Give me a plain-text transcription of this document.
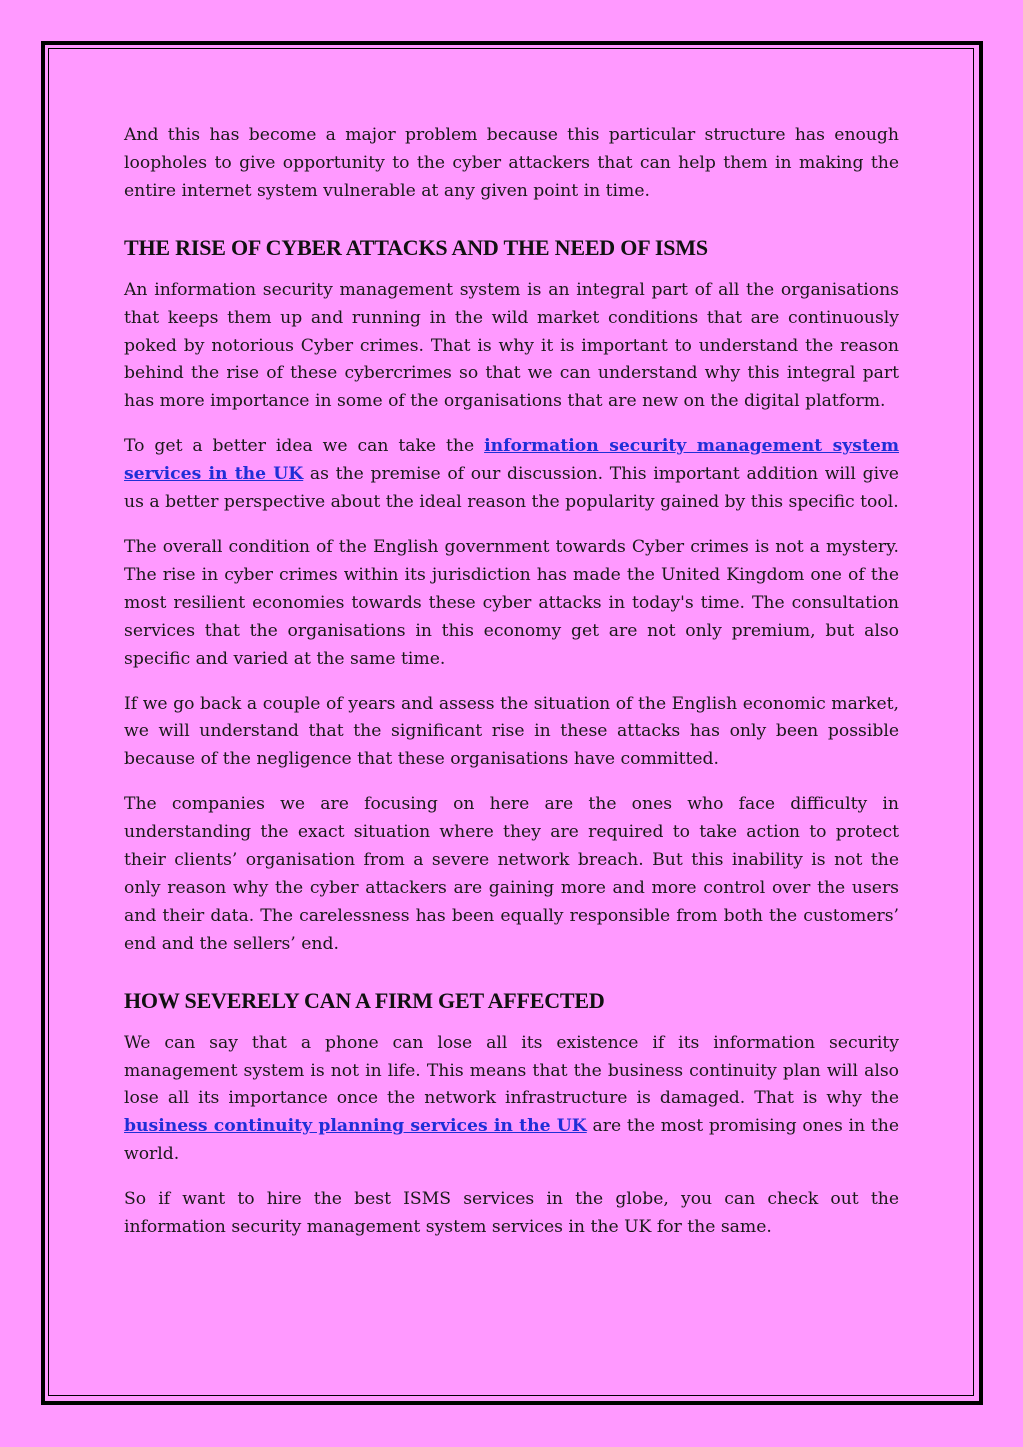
And this has become a major problem because this particular structure has enough loopholes to give opportunity to the cyber attackers that can help them in making the entire internet system vulnerable at any given point in time.

THE RISE OF CYBER ATTACKS AND THE NEED OF ISMS

An information security management system is an integral part of all the organisations that keeps them up and running in the wild market conditions that are continuously poked by notorious Cyber crimes. That is why it is important to understand the reason behind the rise of these cybercrimes so that we can understand why this integral part has more importance in some of the organisations that are new on the digital platform.

To get a better idea we can take the information security management system services in the UK as the premise of our discussion. This important addition will give us a better perspective about the ideal reason the popularity gained by this specific tool.

The overall condition of the English government towards Cyber crimes is not a mystery. The rise in cyber crimes within its jurisdiction has made the United Kingdom one of the most resilient economies towards these cyber attacks in today's time. The consultation services that the organisations in this economy get are not only premium, but also specific and varied at the same time.

If we go back a couple of years and assess the situation of the English economic market, we will understand that the significant rise in these attacks has only been possible because of the negligence that these organisations have committed.

The companies we are focusing on here are the ones who face difficulty in understanding the exact situation where they are required to take action to protect their clients’ organisation from a severe network breach. But this inability is not the only reason why the cyber attackers are gaining more and more control over the users and their data. The carelessness has been equally responsible from both the customers’ end and the sellers’ end.

HOW SEVERELY CAN A FIRM GET AFFECTED

We can say that a phone can lose all its existence if its information security management system is not in life. This means that the business continuity plan will also lose all its importance once the network infrastructure is damaged. That is why the business continuity planning services in the UK are the most promising ones in the world.

So if want to hire the best ISMS services in the globe, you can check out the information security management system services in the UK for the same.
